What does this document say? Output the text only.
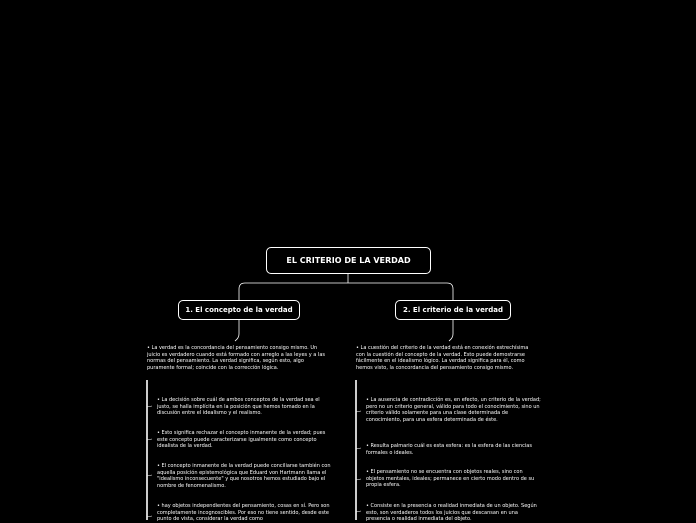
EL CRITERIO DE LA VERDAD
1. El concepto de la verdad	2. El criterio de la verdad
• La verdad es la concordancia del pensamiento consigo mismo. Un juicio es verdadero cuando está formado con arreglo a las leyes y a las normas del pensamiento. La verdad significa, según esto, algo puramente formal; coincide con la corrección lógica.
• La decisión sobre cuál de ambos conceptos de la verdad sea el justo, se halla implícita en la posición que hemos tomado en la discusión entre el idealismo y el realismo.
• Esto significa rechazar el concepto inmanente de la verdad; pues este concepto puede caracterizarse igualmente como concepto idealista de la verdad.
• El concepto inmanente de la verdad puede conciliarse también con aquella posición epistemológica que Eduard von Hartmann llama el "idealismo inconsecuente" y que nosotros hemos estudiado bajo el nombre de fenomenalismo.
• hay objetos independientes del pensamiento, cosas en sí. Pero son completamente incognoscibles. Por eso no tiene sentido, desde este punto de vista, considerar la verdad como
• La cuestión del criterio de la verdad está en conexión estrechísima con la cuestión del concepto de la verdad. Esto puede demostrarse fácilmente en el idealismo lógico. La verdad significa para él, como hemos visto, la concordancia del pensamiento consigo mismo.
• La ausencia de contradicción es, en efecto, un criterio de la verdad; pero no un criterio general, válido para todo el conocimiento, sino un criterio válido solamente para una clase determinada de conocimiento, para una esfera determinada de éste.
• Resulta palmario cuál es esta esfera: es la esfera de las ciencias formales o ideales.
• El pensamiento no se encuentra con objetos reales, sino con objetos mentales, ideales; permanece en cierto modo dentro de su propia esfera.
• Consiste en la presencia o realidad inmediata de un objeto. Según esto, son verdaderos todos los juicios que descansan en una presencia o realidad inmediata del objeto.
